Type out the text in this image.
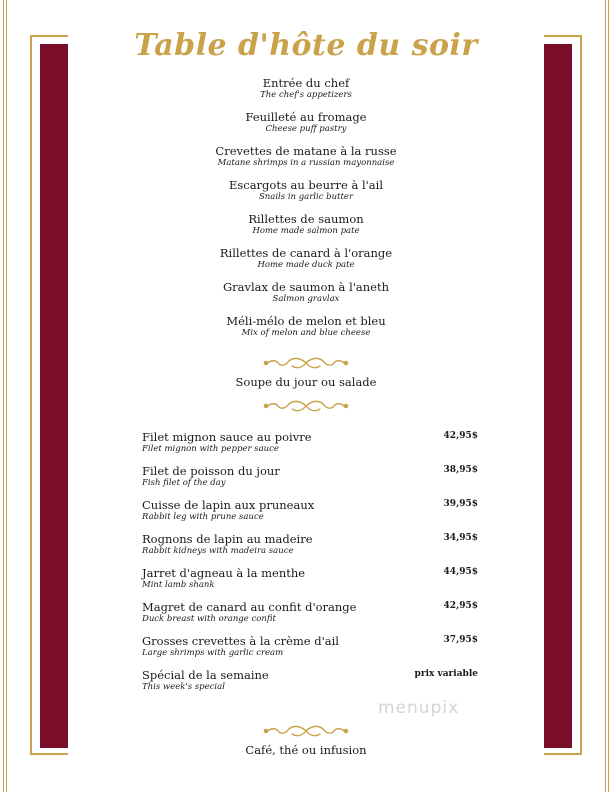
Table d'hôte du soir
Entrée du chef
The chef's appetizers
Feuilleté au fromage
Cheese puff pastry
Crevettes de matane à la russe
Matane shrimps in a russian mayonnaise
Escargots au beurre à l'ail
Snails in garlic butter
Rillettes de saumon
Home made salmon pate
Rillettes de canard à l'orange
Home made duck pate
Gravlax de saumon à l'aneth
Salmon gravlax
Méli-mélo de melon et bleu
Mix of melon and blue cheese
Soupe du jour ou salade
Filet mignon sauce au poivre
Filet mignon with pepper sauce
42,95$
Filet de poisson du jour
Fish filet of the day
38,95$
Cuisse de lapin aux pruneaux
Rabbit leg with prune sauce
39,95$
Rognons de lapin au madeire
Rabbit kidneys with madeira sauce
34,95$
Jarret d'agneau à la menthe
Mint lamb shank
44,95$
Magret de canard au confit d'orange
Duck breast with orange confit
42,95$
Grosses crevettes à la crème d'ail
Large shrimps with garlic cream
37,95$
Spécial de la semaine
This week's special
prix variable
menupix
Café, thé ou infusion
